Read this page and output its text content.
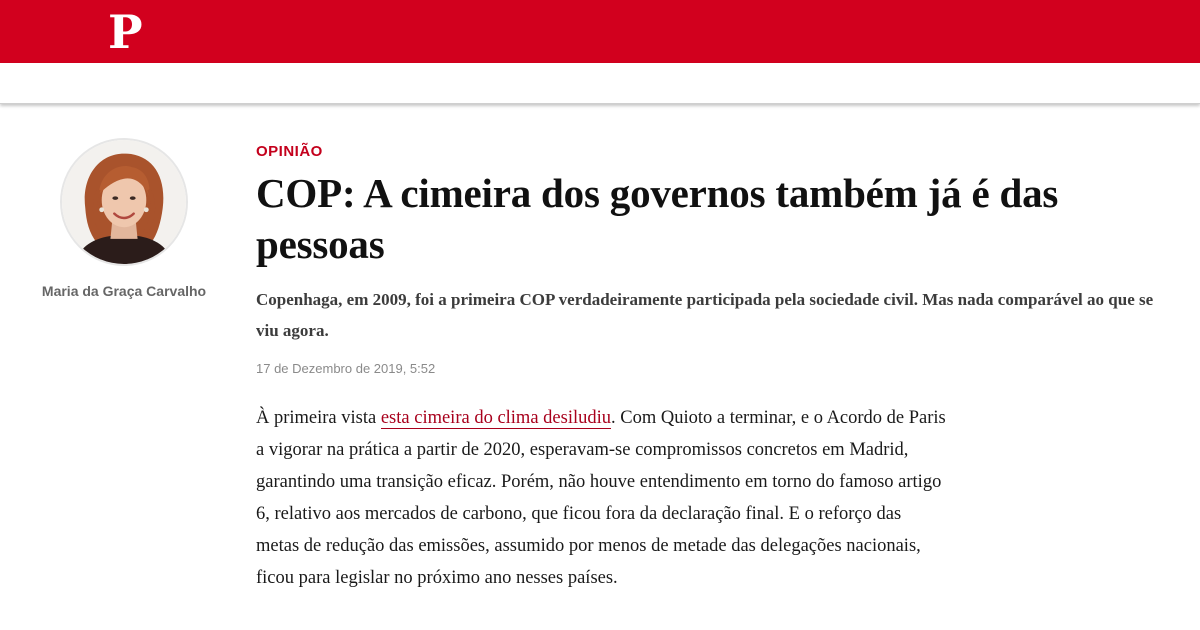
P
Maria da Graça Carvalho
OPINIÃO
COP: A cimeira dos governos também já é das pessoas
Copenhaga, em 2009, foi a primeira COP verdadeiramente participada pela sociedade civil. Mas nada comparável ao que se viu agora.
17 de Dezembro de 2019, 5:52

À primeira vista esta cimeira do clima desiludiu. Com Quioto a terminar, e o Acordo de Paris a vigorar na prática a partir de 2020, esperavam-se compromissos concretos em Madrid, garantindo uma transição eficaz. Porém, não houve entendimento em torno do famoso artigo 6, relativo aos mercados de carbono, que ficou fora da declaração final. E o reforço das metas de redução das emissões, assumido por menos de metade das delegações nacionais, ficou para legislar no próximo ano nesses países.
